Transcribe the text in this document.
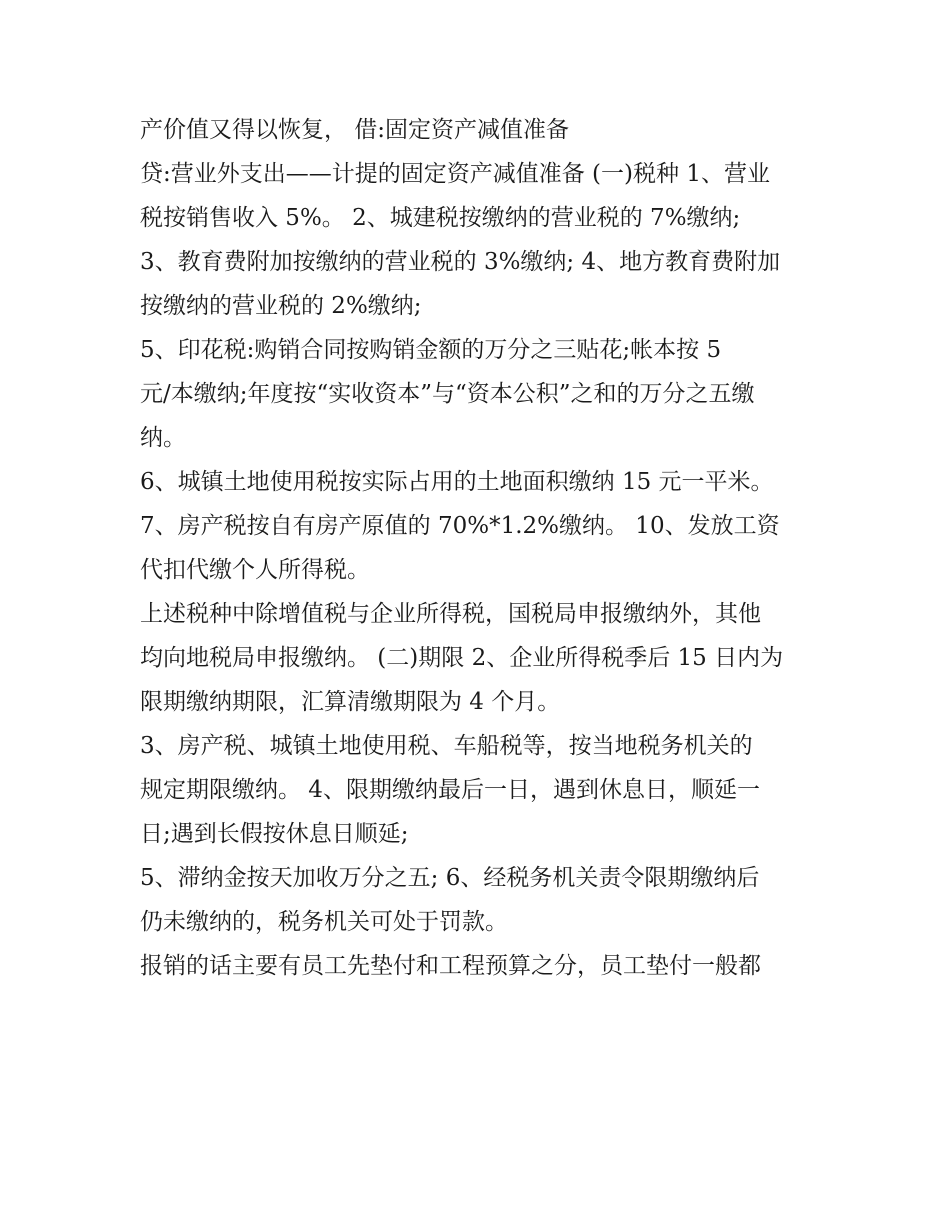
产价值又得以恢复， 借:固定资产减值准备
贷:营业外支出——计提的固定资产减值准备 (一)税种 1、营业
税按销售收入 5%。 2、城建税按缴纳的营业税的 7%缴纳;
3、教育费附加按缴纳的营业税的 3%缴纳; 4、地方教育费附加
按缴纳的营业税的 2%缴纳;
5、印花税:购销合同按购销金额的万分之三贴花;帐本按 5
元/本缴纳;年度按“实收资本”与“资本公积”之和的万分之五缴
纳。
6、城镇土地使用税按实际占用的土地面积缴纳 15 元一平米。
7、房产税按自有房产原值的 70%*1.2%缴纳。 10、发放工资
代扣代缴个人所得税。
上述税种中除增值税与企业所得税，国税局申报缴纳外，其他
均向地税局申报缴纳。 (二)期限 2、企业所得税季后 15 日内为
限期缴纳期限，汇算清缴期限为 4 个月。
3、房产税、城镇土地使用税、车船税等，按当地税务机关的
规定期限缴纳。 4、限期缴纳最后一日，遇到休息日，顺延一
日;遇到长假按休息日顺延;
5、滞纳金按天加收万分之五; 6、经税务机关责令限期缴纳后
仍未缴纳的，税务机关可处于罚款。
报销的话主要有员工先垫付和工程预算之分，员工垫付一般都
